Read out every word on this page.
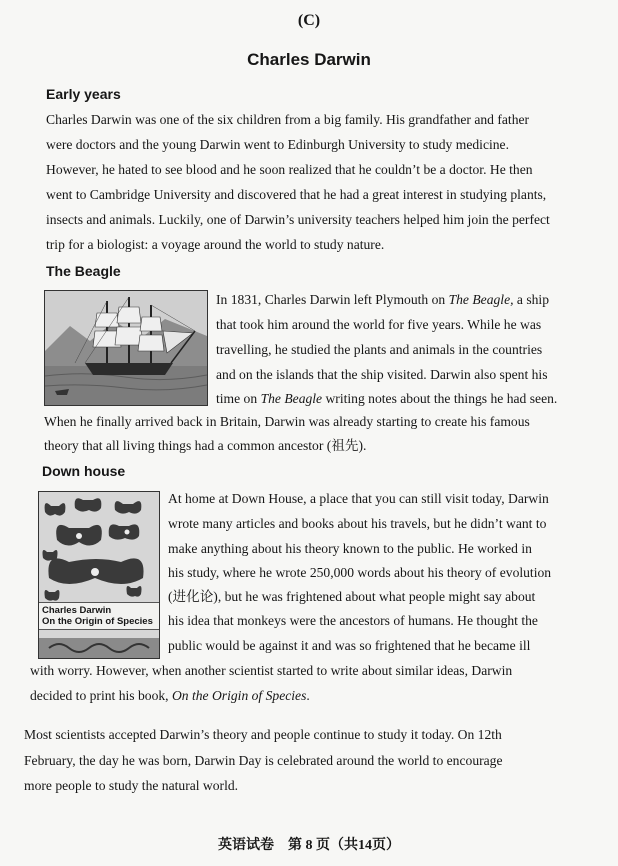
(C)
Charles Darwin
Early years
Charles Darwin was one of the six children from a big family. His grandfather and father
were doctors and the young Darwin went to Edinburgh University to study medicine.
However, he hated to see blood and he soon realized that he couldn’t be a doctor. He then
went to Cambridge University and discovered that he had a great interest in studying plants,
insects and animals. Luckily, one of Darwin’s university teachers helped him join the perfect
trip for a biologist: a voyage around the world to study nature.
The Beagle
In 1831, Charles Darwin left Plymouth on The Beagle, a ship
that took him around the world for five years. While he was
travelling, he studied the plants and animals in the countries
and on the islands that the ship visited. Darwin also spent his
time on The Beagle writing notes about the things he had seen.
When he finally arrived back in Britain, Darwin was already starting to create his famous
theory that all living things had a common ancestor (祖先).
Down house
Charles Darwin
On the Origin of Species
At home at Down House, a place that you can still visit today, Darwin
wrote many articles and books about his travels, but he didn’t want to
make anything about his theory known to the public. He worked in
his study, where he wrote 250,000 words about his theory of evolution
(进化论), but he was frightened about what people might say about
his idea that monkeys were the ancestors of humans. He thought the
public would be against it and was so frightened that he became ill
with worry. However, when another scientist started to write about similar ideas, Darwin
decided to print his book, On the Origin of Species.
Most scientists accepted Darwin’s theory and people continue to study it today. On 12th
February, the day he was born, Darwin Day is celebrated around the world to encourage
more people to study the natural world.
英语试卷　第 8 页（共14页）
